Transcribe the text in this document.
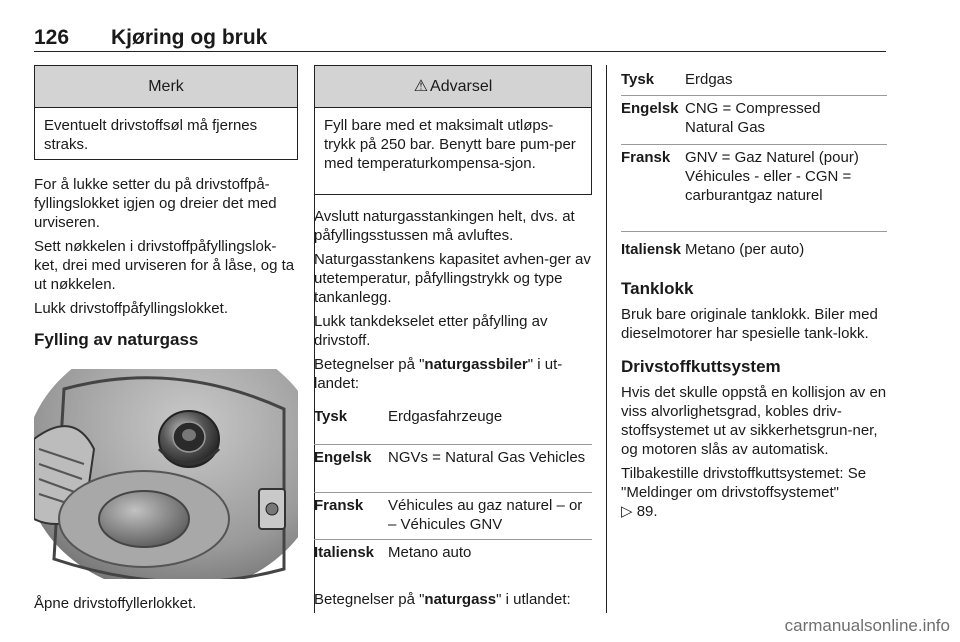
126 Kjøring og bruk
Merk
Eventuelt drivstoffsøl må fjernes straks.

For å lukke setter du på drivstoffpå-fyllingslokket igjen og dreier det med urviseren.

Sett nøkkelen i drivstoffpåfyllingslok-ket, drei med urviseren for å låse, og ta ut nøkkelen.

Lukk drivstoffpåfyllingslokket.

Fylling av naturgass

Åpne drivstoffyllerlokket.

⚠ Advarsel
Fyll bare med et maksimalt utløps-trykk på 250 bar. Benytt bare pum-per med temperaturkompensa-sjon.

Avslutt naturgasstankingen helt, dvs. at påfyllingsstussen må avluftes.

Naturgasstankens kapasitet avhen-ger av utetemperatur, påfyllingstrykk og type tankanlegg.

Lukk tankdekselet etter påfylling av drivstoff.

Betegnelser på "naturgassbiler" i ut-landet:

Tysk	Erdgasfahrzeuge
Engelsk NGVs = Natural Gas Vehicles
Fransk Véhicules au gaz naturel – or – Véhicules GNV
Italiensk Metano auto

Betegnelser på "naturgass" i utlandet:

Tysk Erdgas
Engelsk CNG = Compressed Natural Gas
Fransk GNV = Gaz Naturel (pour) Véhicules - eller - CGN = carburantgaz naturel
Italiensk Metano (per auto)
Tanklokk

Bruk bare originale tanklokk. Biler med dieselmotorer har spesielle tank-lokk.

Drivstoffkuttsystem

Hvis det skulle oppstå en kollisjon av en viss alvorlighetsgrad, kobles driv-stoffsystemet ut av sikkerhetsgrun-ner, og motoren slås av automatisk.

Tilbakestille drivstoffkuttsystemet: Se "Meldinger om drivstoffsystemet"
▷ 89.

carmanualsonline.info
